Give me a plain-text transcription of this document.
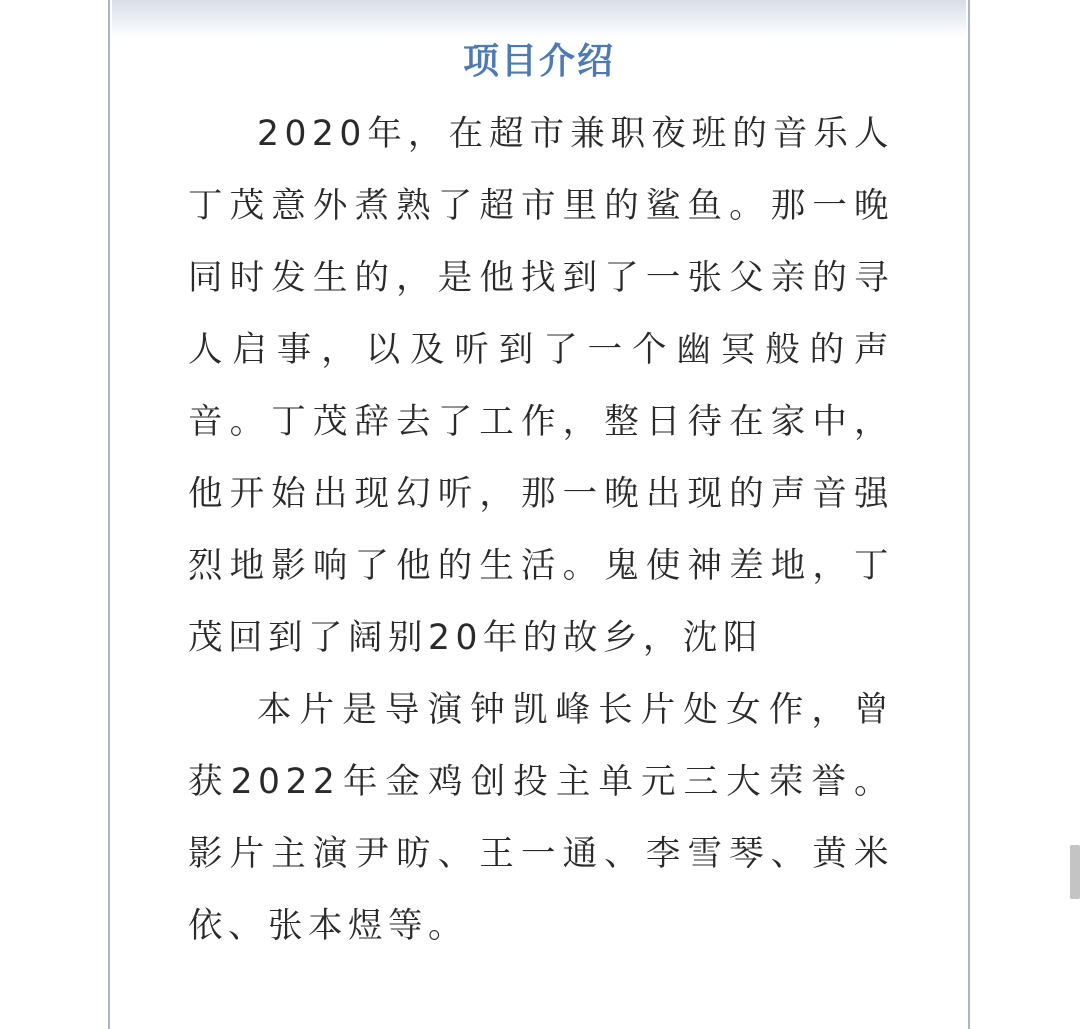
项目介绍

2020年，在超市兼职夜班的音乐人丁茂意外煮熟了超市里的鲨鱼。那一晚同时发生的，是他找到了一张父亲的寻人启事，以及听到了一个幽冥般的声音。丁茂辞去了工作，整日待在家中，他开始出现幻听，那一晚出现的声音强烈地影响了他的生活。鬼使神差地，丁茂回到了阔别20年的故乡，沈阳

本片是导演钟凯峰长片处女作，曾获2022年金鸡创投主单元三大荣誉。影片主演尹昉、王一通、李雪琴、黄米依、张本煜等。
